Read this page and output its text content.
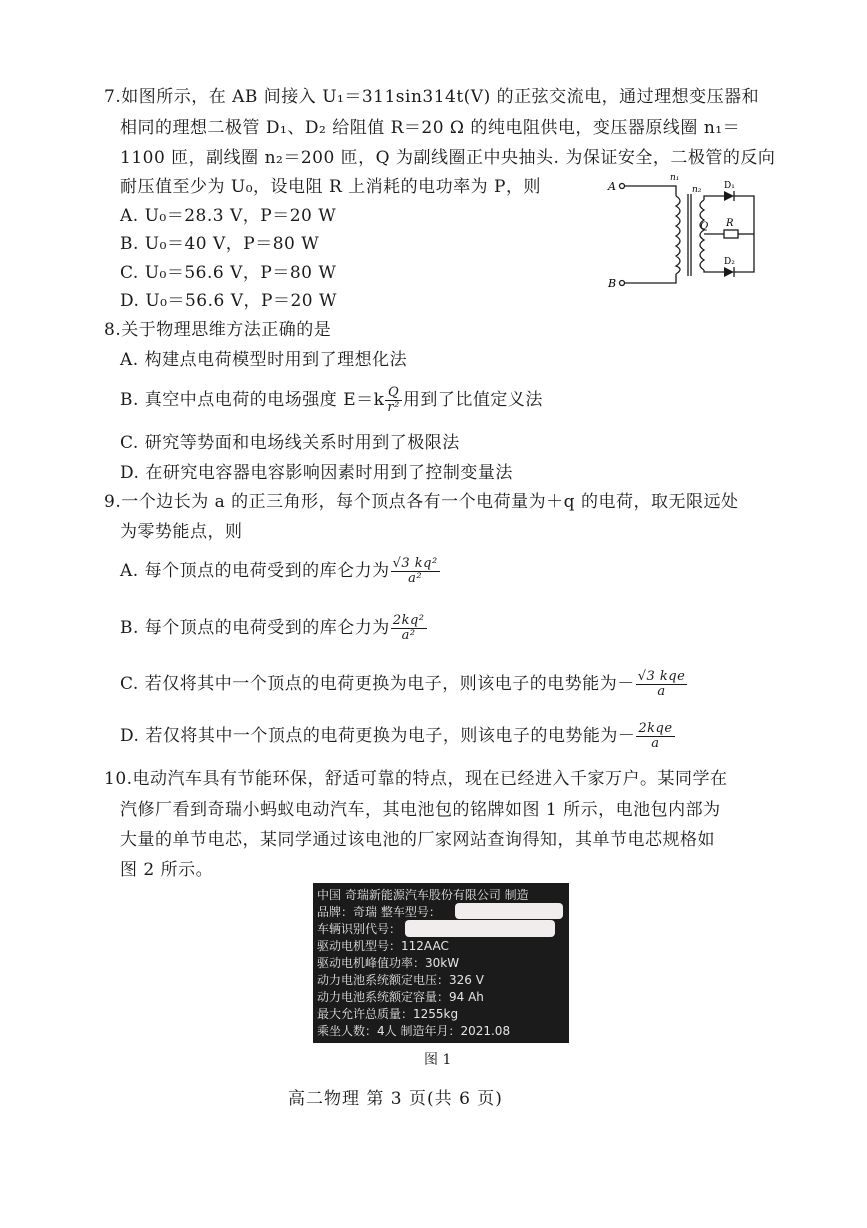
7.如图所示，在 AB 间接入 U₁＝311sin314t(V) 的正弦交流电，通过理想变压器和
相同的理想二极管 D₁、D₂ 给阻值 R＝20 Ω 的纯电阻供电，变压器原线圈 n₁＝
1100 匝，副线圈 n₂＝200 匝，Q 为副线圈正中央抽头. 为保证安全，二极管的反向
耐压值至少为 U₀，设电阻 R 上消耗的电功率为 P，则
A. U₀＝28.3 V，P＝20 W
B. U₀＝40 V，P＝80 W
C. U₀＝56.6 V，P＝80 W
D. U₀＝56.6 V，P＝20 W
A
B
n₁
n₂
Q R
D₁
D₂
8.关于物理思维方法正确的是
A. 构建点电荷模型时用到了理想化法
B. 真空中点电荷的电场强度 $E=k \frac{Q}{\text{r²}}$ 用到了比值定义法
C. 研究等势面和电场线关系时用到了极限法
D. 在研究电容器电容影响因素时用到了控制变量法
9.一个边长为 a 的正三角形，每个顶点各有一个电荷量为＋q 的电荷，取无限远处
为零势能点，则
A. 每个顶点的电荷受到的库仑力为 $\frac{\text{√3 kq²}}{\text{a²}}$
B. 每个顶点的电荷受到的库仑力为 $\frac{\text{2kq²}}{\text{a²}}$
C. 若仅将其中一个顶点的电荷更换为电子，则该电子的电势能为－ $\frac{\text{√3 kqe}}{a}$
D. 若仅将其中一个顶点的电荷更换为电子，则该电子的电势能为－ $\frac{\text{2kqe}}{a}$
10.电动汽车具有节能环保，舒适可靠的特点，现在已经进入千家万户。某同学在
汽修厂看到奇瑞小蚂蚁电动汽车，其电池包的铭牌如图 1 所示，电池包内部为
大量的单节电芯，某同学通过该电池的厂家网站查询得知，其单节电芯规格如
图 2 所示。
中国 奇瑞新能源汽车股份有限公司 制造
品牌：奇瑞 整车型号：
车辆识别代号：
驱动电机型号：112AAC
驱动电机峰值功率：30kW
动力电池系统额定电压：326 V
动力电池系统额定容量：94 Ah
最大允许总质量：1255kg
乘坐人数：4人 制造年月：2021.08
图 1
高二物理 第 3 页(共 6 页)
